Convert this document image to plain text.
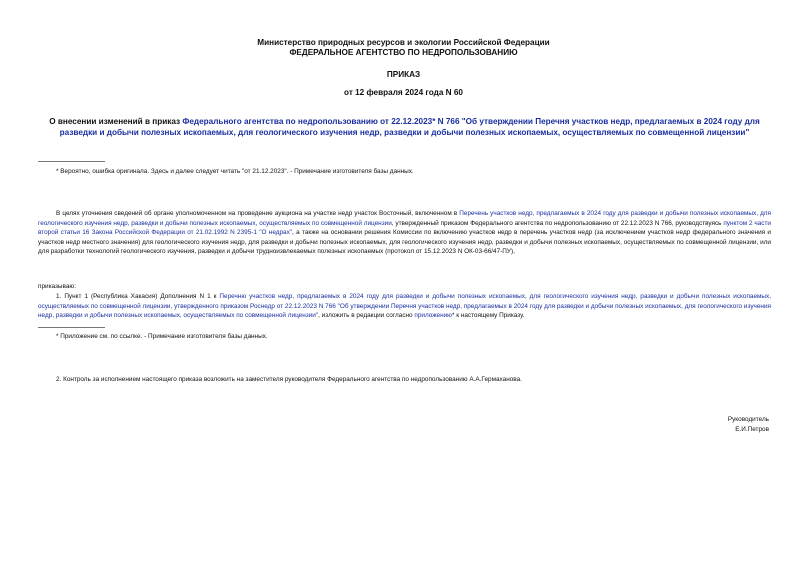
Министерство природных ресурсов и экологии Российской Федерации
ФЕДЕРАЛЬНОЕ АГЕНТСТВО ПО НЕДРОПОЛЬЗОВАНИЮ
ПРИКАЗ
от 12 февраля 2024 года N 60
О внесении изменений в приказ Федерального агентства по недропользованию от 22.12.2023* N 766 "Об утверждении Перечня участков недр, предлагаемых в 2024 году для разведки и добычи полезных ископаемых, для геологического изучения недр, разведки и добычи полезных ископаемых, осуществляемых по совмещенной лицензии"
* Вероятно, ошибка оригинала. Здесь и далее следует читать "от 21.12.2023". - Примечание изготовителя базы данных.
В целях уточнения сведений об органе уполномоченном на проведение аукциона на участке недр участок Восточный, включенном в Перечень участков недр, предлагаемых в 2024 году для разведки и добычи полезных ископаемых, для геологического изучения недр, разведки и добычи полезных ископаемых, осуществляемых по совмещенной лицензии, утвержденный приказом Федерального агентства по недропользованию от 22.12.2023 N 766, руководствуясь пунктом 2 части второй статьи 16 Закона Российской Федерации от 21.02.1992 N 2395-1 "О недрах", а также на основании решения Комиссии по включению участков недр в перечень участков недр (за исключением участков недр федерального значения и участков недр местного значения) для геологического изучения недр, для разведки и добычи полезных ископаемых, для геологического изучения недр, разведки и добычи полезных ископаемых, осуществляемых по совмещенной лицензии, или для разработки технологий геологического изучения, разведки и добычи трудноизвлекаемых полезных ископаемых (протокол от 15.12.2023 N ОК-03-66/47-ПУ),
приказываю:
1. Пункт 1 (Республика Хакасия) Дополнения N 1 к Перечню участков недр, предлагаемых в 2024 году для разведки и добычи полезных ископаемых, для геологического изучения недр, разведки и добычи полезных ископаемых, осуществляемых по совмещенной лицензии, утвержденного приказом Роснедр от 22.12.2023 N 766 "Об утверждении Перечня участков недр, предлагаемых в 2024 году для разведки и добычи полезных ископаемых, для геологического изучения недр, разведки и добычи полезных ископаемых, осуществляемых по совмещенной лицензии", изложить в редакции согласно приложению* к настоящему Приказу.
* Приложение см. по ссылке. - Примечание изготовителя базы данных.
2. Контроль за исполнением настоящего приказа возложить на заместителя руководителя Федерального агентства по недропользованию А.А.Гермаханова.
Руководитель
Е.И.Петров
